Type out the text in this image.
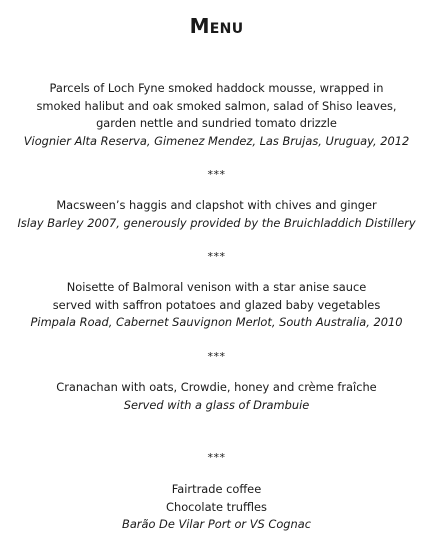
Menu
Parcels of Loch Fyne smoked haddock mousse, wrapped in
smoked halibut and oak smoked salmon, salad of Shiso leaves,
garden nettle and sundried tomato drizzle
Viognier Alta Reserva, Gimenez Mendez, Las Brujas, Uruguay, 2012
***
Macsween’s haggis and clapshot with chives and ginger
Islay Barley 2007, generously provided by the Bruichladdich Distillery
***
Noisette of Balmoral venison with a star anise sauce
served with saffron potatoes and glazed baby vegetables
Pimpala Road, Cabernet Sauvignon Merlot, South Australia, 2010
***
Cranachan with oats, Crowdie, honey and crème fraîche
Served with a glass of Drambuie
***
Fairtrade coffee
Chocolate truffles
Barão De Vilar Port or VS Cognac
